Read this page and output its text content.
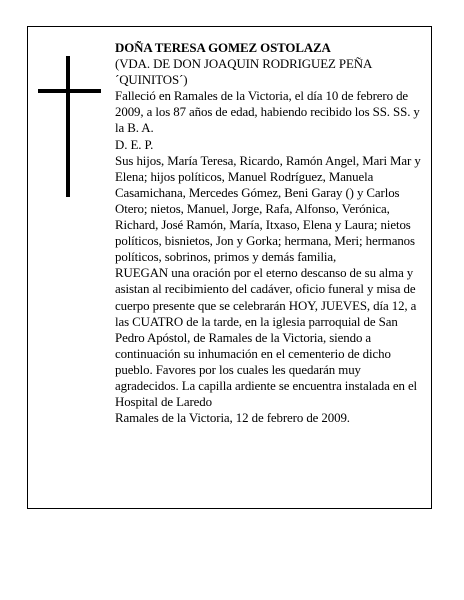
DOÑA TERESA GOMEZ OSTOLAZA

(VDA. DE DON JOAQUIN RODRIGUEZ PEÑA ´QUINITOS´)

Falleció en Ramales de la Victoria, el día 10 de febrero de 2009, a los 87 años de edad, habiendo recibido los SS. SS. y la B. A.

D. E. P.

Sus hijos, María Teresa, Ricardo, Ramón Angel, Mari Mar y Elena; hijos políticos, Manuel Rodríguez, Manuela Casamichana, Mercedes Gómez, Beni Garay () y Carlos Otero; nietos, Manuel, Jorge, Rafa, Alfonso, Verónica, Richard, José Ramón, María, Itxaso, Elena y Laura; nietos políticos, bisnietos, Jon y Gorka; hermana, Meri; hermanos políticos, sobrinos, primos y demás familia,

RUEGAN una oración por el eterno descanso de su alma y asistan al recibimiento del cadáver, oficio funeral y misa de cuerpo presente que se celebrarán HOY, JUEVES, día 12, a las CUATRO de la tarde, en la iglesia parroquial de San Pedro Apóstol, de Ramales de la Victoria, siendo a continuación su inhumación en el cementerio de dicho pueblo. Favores por los cuales les quedarán muy agradecidos. La capilla ardiente se encuentra instalada en el Hospital de Laredo

Ramales de la Victoria, 12 de febrero de 2009.
